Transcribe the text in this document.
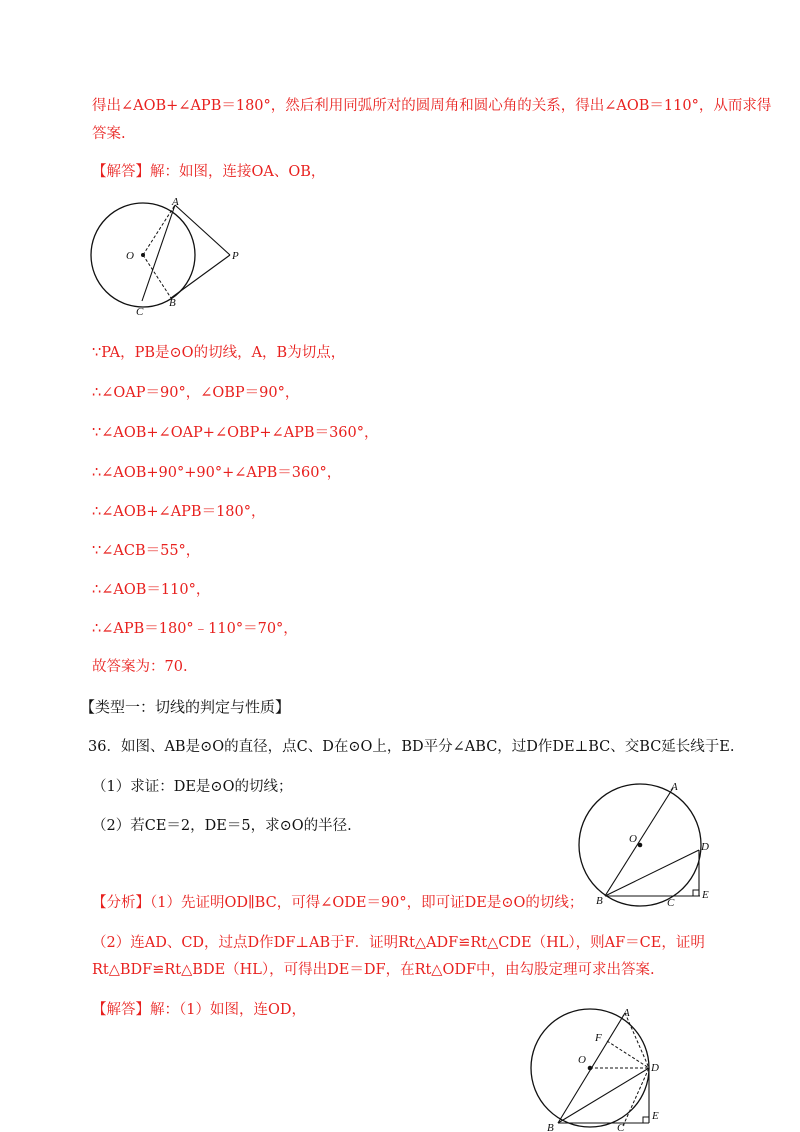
得出∠AOB+∠APB＝180°，然后利用同弧所对的圆周角和圆心角的关系，得出∠AOB＝110°，从而求得
答案.
【解答】解：如图，连接OA、OB，
A
O	P
C
B
∵PA，PB是⊙O的切线，A，B为切点，
∴∠OAP＝90°，∠OBP＝90°，
∵∠AOB+∠OAP+∠OBP+∠APB＝360°，
∴∠AOB+90°+90°+∠APB＝360°，
∴∠AOB+∠APB＝180°，
∵∠ACB＝55°，
∴∠AOB＝110°，
∴∠APB＝180°﹣110°＝70°，
故答案为：70.
【类型一：切线的判定与性质】
36．如图、AB是⊙O的直径，点C、D在⊙O上，BD平分∠ABC，过D作DE⊥BC、交BC延长线于E.
（1）求证：DE是⊙O的切线；
（2）若CE＝2，DE＝5，求⊙O的半径.
A
O
D
E
B	C
【分析】（1）先证明OD∥BC，可得∠ODE＝90°，即可证DE是⊙O的切线；
（2）连AD、CD，过点D作DF⊥AB于F．证明Rt△ADF≌Rt△CDE（HL），则AF＝CE，证明
Rt△BDF≌Rt△BDE（HL），可得出DE＝DF，在Rt△ODF中，由勾股定理可求出答案.
【解答】解：（1）如图，连OD，	A
F
O
D
B	C
E
